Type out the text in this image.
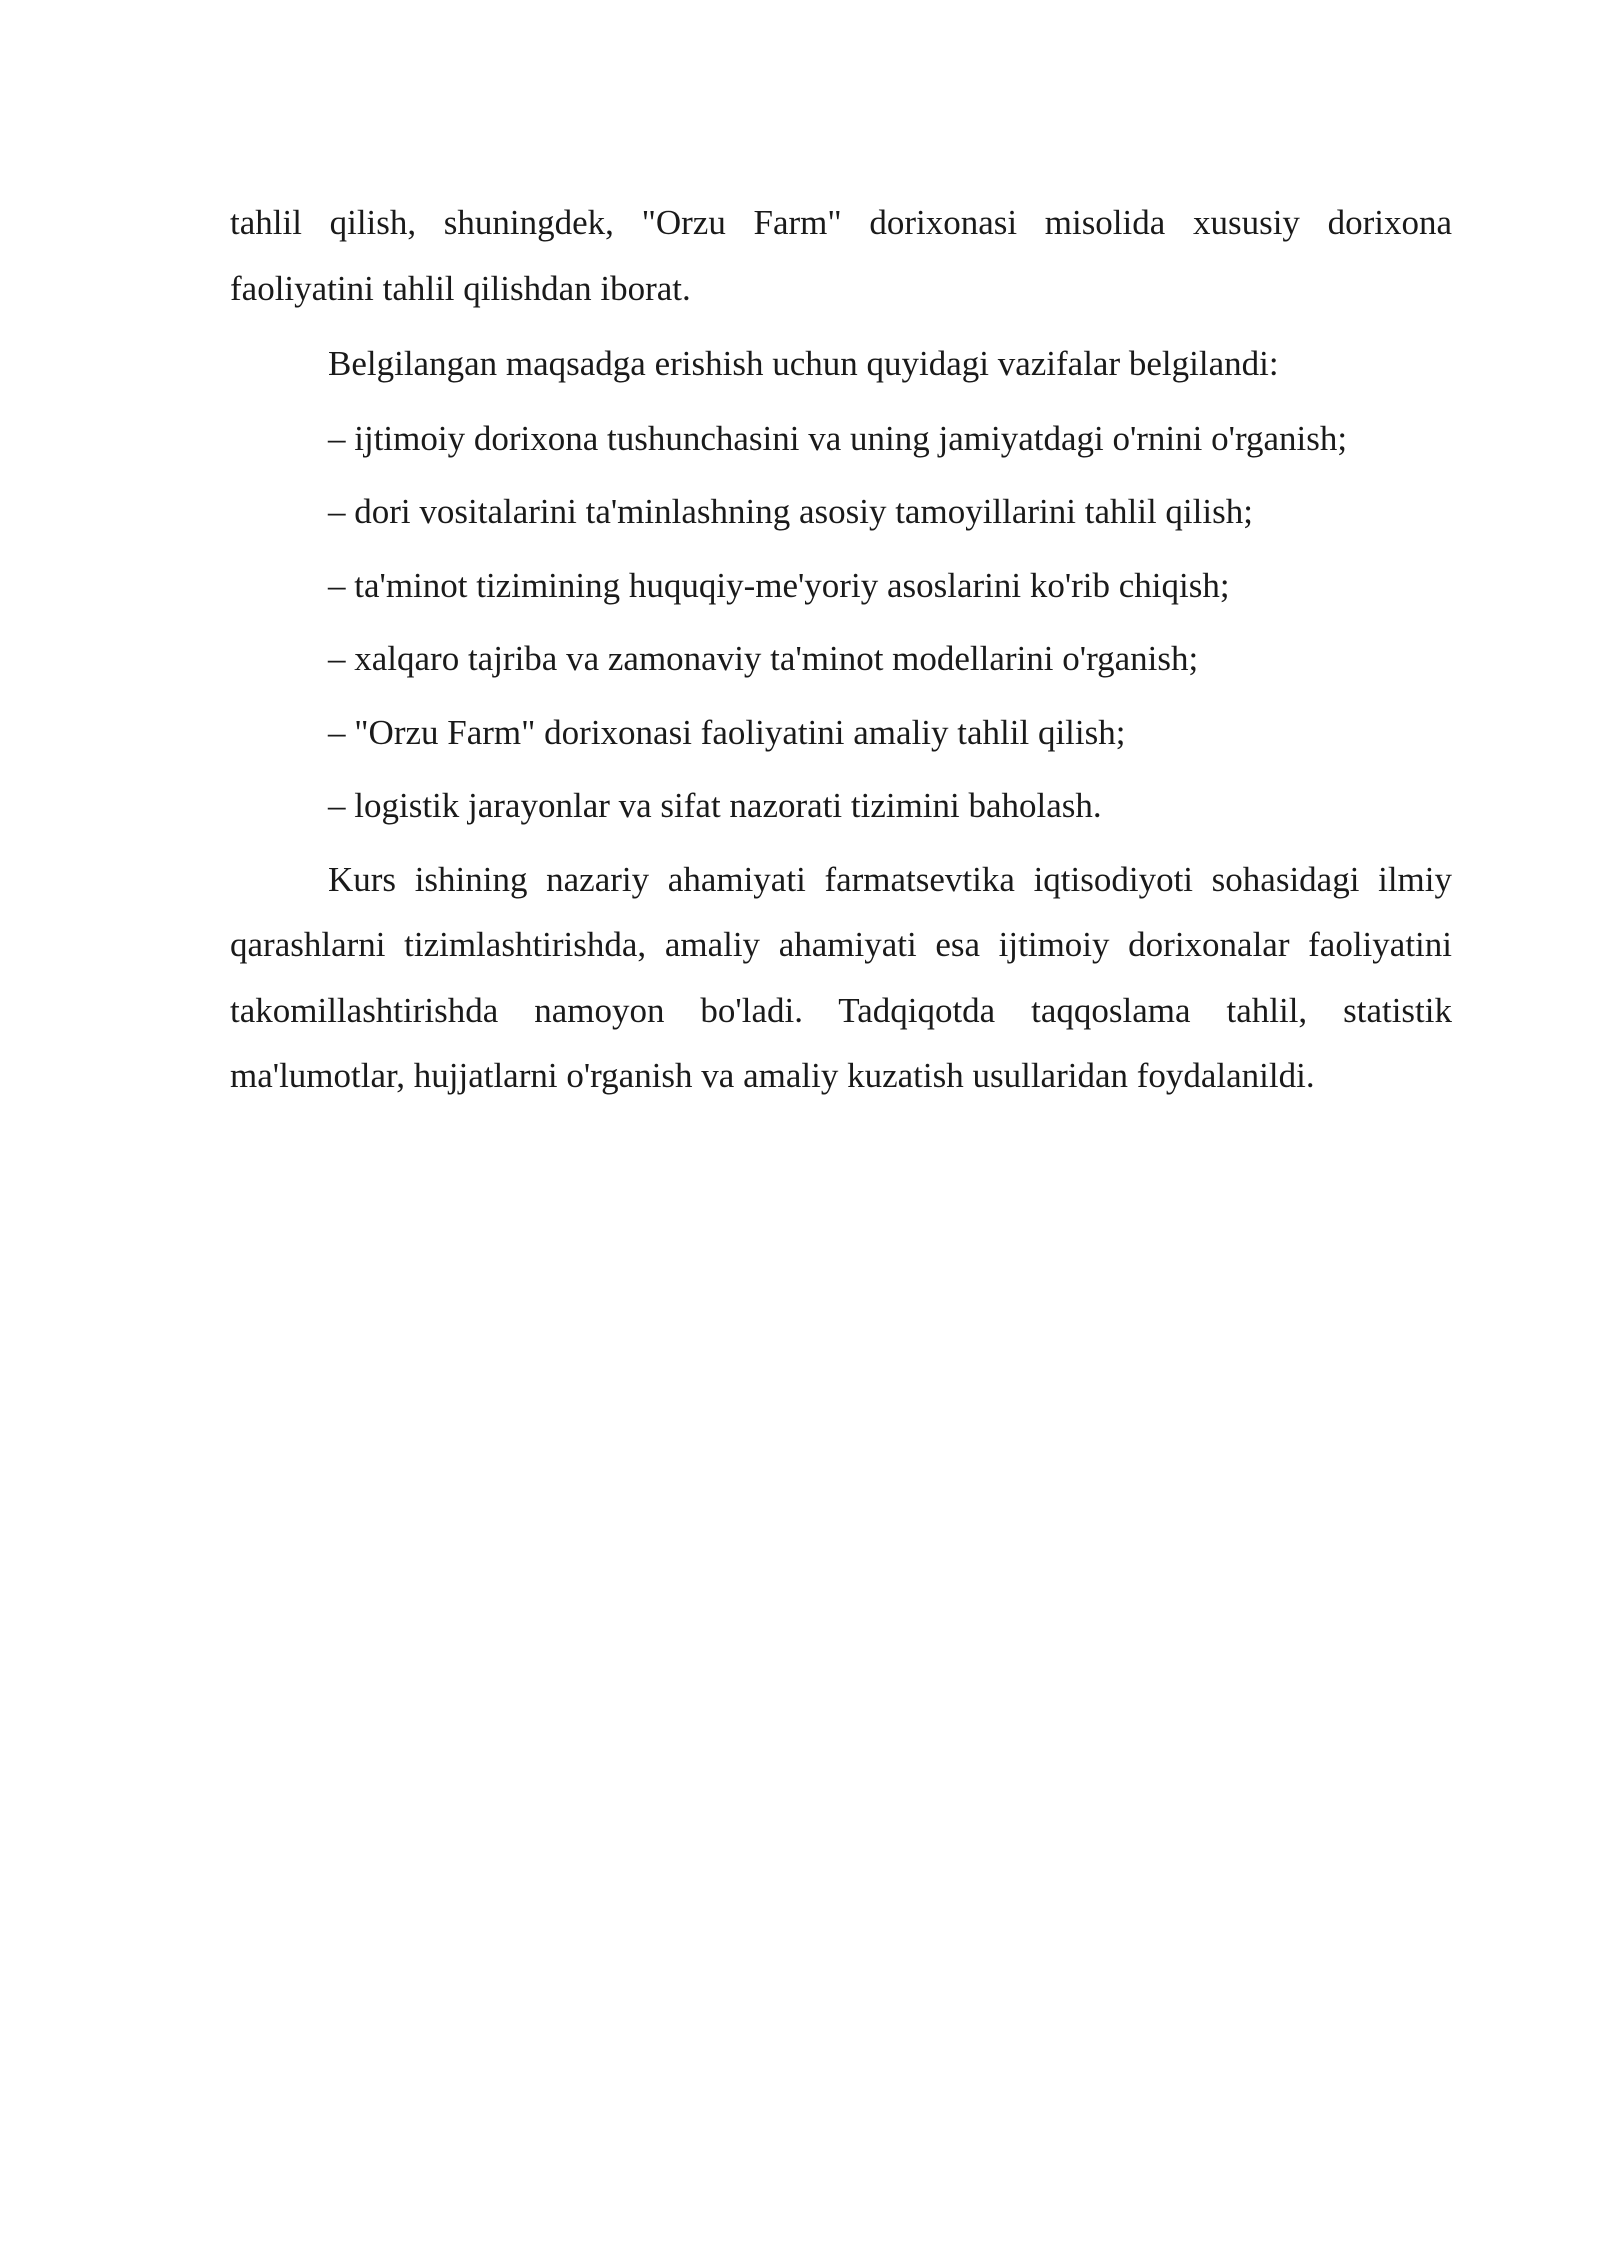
tahlil qilish, shuningdek, "Orzu Farm" dorixonasi misolida xususiy dorixona faoliyatini tahlil qilishdan iborat.

Belgilangan maqsadga erishish uchun quyidagi vazifalar belgilandi:

– ijtimoiy dorixona tushunchasini va uning jamiyatdagi o'rnini o'rganish;
– dori vositalarini ta'minlashning asosiy tamoyillarini tahlil qilish;
– ta'minot tizimining huquqiy-me'yoriy asoslarini ko'rib chiqish;
– xalqaro tajriba va zamonaviy ta'minot modellarini o'rganish;
– "Orzu Farm" dorixonasi faoliyatini amaliy tahlil qilish;
– logistik jarayonlar va sifat nazorati tizimini baholash.

Kurs ishining nazariy ahamiyati farmatsevtika iqtisodiyoti sohasidagi ilmiy qarashlarni tizimlashtirishda, amaliy ahamiyati esa ijtimoiy dorixonalar faoliyatini takomillashtirishda namoyon bo'ladi. Tadqiqotda taqqoslama tahlil, statistik ma'lumotlar, hujjatlarni o'rganish va amaliy kuzatish usullaridan foydalanildi.
